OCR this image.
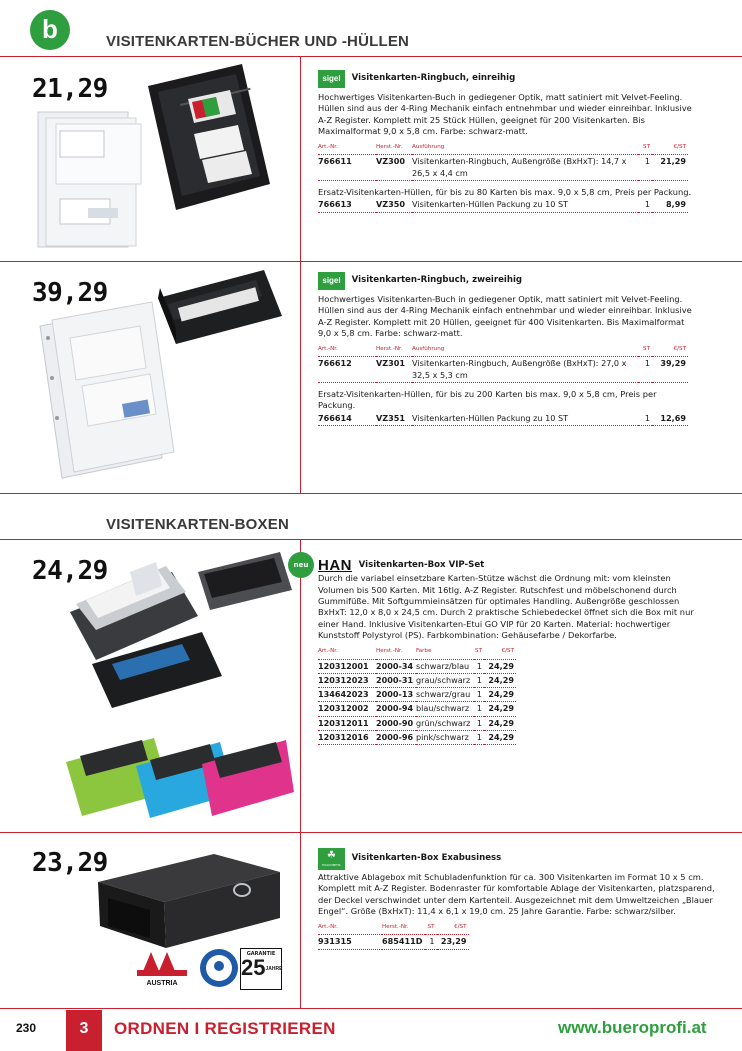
b	VISITENKARTEN-BÜCHER UND -HÜLLEN
21,29	sigel Visitenkarten-Ringbuch, einreihig
Hochwertiges Visitenkarten-Buch in gediegener Optik, matt satiniert mit Velvet-Feeling. Hüllen sind aus der 4-Ring Mechanik einfach entnehmbar und wieder einreihbar. Inklusive A-Z Register. Komplett mit 25 Stück Hüllen, geeignet für 200 Visitenkarten. Bis Maximalformat 9,0 x 5,8 cm. Farbe: schwarz-matt.
Art.-Nr.	Herst.-Nr.	Ausführung	ST	€/ST
766611	VZ300	Visitenkarten-Ringbuch, Außengröße (BxHxT): 14,7 x 26,5 x 4,4 cm	1	21,29
Ersatz-Visitenkarten-Hüllen, für bis zu 80 Karten bis max. 9,0 x 5,8 cm, Preis per Packung.
766613	VZ350	Visitenkarten-Hüllen Packung zu 10 ST	1	8,99
39,29	sigel Visitenkarten-Ringbuch, zweireihig
Hochwertiges Visitenkarten-Buch in gediegener Optik, matt satiniert mit Velvet-Feeling. Hüllen sind aus der 4-Ring Mechanik einfach entnehmbar und wieder einreihbar. Inklusive A-Z Register. Komplett mit 20 Hüllen, geeignet für 400 Visitenkarten. Bis Maximalformat 9,0 x 5,8 cm. Farbe: schwarz-matt.
Art.-Nr.	Herst.-Nr.	Ausführung	ST	€/ST
766612	VZ301	Visitenkarten-Ringbuch, Außengröße (BxHxT): 27,0 x 32,5 x 5,3 cm	1	39,29
Ersatz-Visitenkarten-Hüllen, für bis zu 200 Karten bis max. 9,0 x 5,8 cm, Preis per Packung.
766614	VZ351	Visitenkarten-Hüllen Packung zu 10 ST	1	12,69
VISITENKARTEN-BOXEN
24,29	neu HAN Visitenkarten-Box VIP-Set
Durch die variabel einsetzbare Karten-Stütze wächst die Ordnung mit: vom kleinsten Volumen bis 500 Karten. Mit 16tlg. A-Z Register. Rutschfest und möbelschonend durch Gummifüße. Mit Softgummieinsätzen für optimales Handling. Außengröße geschlossen BxHxT: 12,0 x 8,0 x 24,5 cm. Durch 2 praktische Schiebedeckel öffnet sich die Box mit nur einer Hand. Inklusive Visitenkarten-Etui GO VIP für 20 Karten. Material: hochwertiger Kunststoff Polystyrol (PS). Farbkombination: Gehäusefarbe / Dekorfarbe.
Art.-Nr.	Herst.-Nr.	Farbe	ST	€/ST
120312001	2000-34	schwarz/blau	1	24,29
120312023	2000-31	grau/schwarz	1	24,29
134642023	2000-13	schwarz/grau	1	24,29
120312002	2000-94	blau/schwarz	1	24,29
120312011	2000-90	grün/schwarz	1	24,29
120312016	2000-96	pink/schwarz	1	24,29
23,29
AUSTRIA
GARANTIE
25JAHRE
☘
EXACOMPTA
Visitenkarten-Box Exabusiness
Attraktive Ablagebox mit Schubladenfunktion für ca. 300 Visitenkarten im Format 10 x 5 cm. Komplett mit A-Z Register. Bodenraster für komfortable Ablage der Visitenkarten, platzsparend, der Deckel verschwindet unter dem Kartenteil. Ausgezeichnet mit dem Umweltzeichen „Blauer Engel“. Größe (BxHxT): 11,4 x 6,1 x 19,0 cm. 25 Jahre Garantie. Farbe: schwarz/silber.
Art.-Nr.	Herst.-Nr.	ST	€/ST
931315	685411D	1	23,29
230	3	ORDNEN I REGISTRIEREN	www.bueroprofi.at
